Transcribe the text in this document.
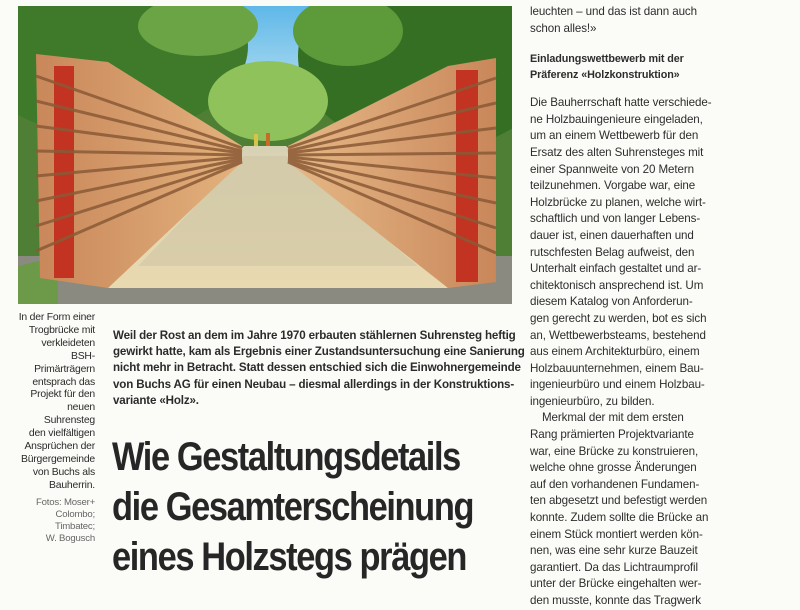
In der Form einer
Trogbrücke mit
verkleideten BSH-
Primärträgern
entsprach das
Projekt für den
neuen Suhrensteg
den vielfältigen
Ansprüchen der
Bürgergemeinde
von Buchs als
Bauherrin.

Fotos: Moser+
Colombo;
Timbatec;
W. Bogusch

Weil der Rost an dem im Jahre 1970 erbauten stählernen Suhrensteg heftig
gewirkt hatte, kam als Ergebnis einer Zustandsuntersuchung eine Sanierung
nicht mehr in Betracht. Statt dessen entschied sich die Einwohnergemeinde
von Buchs AG für einen Neubau – diesmal allerdings in der Konstruktions-
variante «Holz».

Wie Gestaltungsdetails
die Gesamterscheinung
eines Holzstegs prägen

leuchten – und das ist dann auch
schon alles!»

Einladungswettbewerb mit der
Präferenz «Holzkonstruktion»

Die Bauherrschaft hatte verschiede-
ne Holzbauingenieure eingeladen,
um an einem Wettbewerb für den
Ersatz des alten Suhrensteges mit
einer Spannweite von 20 Metern
teilzunehmen. Vorgabe war, eine
Holzbrücke zu planen, welche wirt-
schaftlich und von langer Lebens-
dauer ist, einen dauerhaften und
rutschfesten Belag aufweist, den
Unterhalt einfach gestaltet und ar-
chitektonisch ansprechend ist. Um
diesem Katalog von Anforderun-
gen gerecht zu werden, bot es sich
an, Wettbewerbsteams, bestehend
aus einem Architekturbüro, einem
Holzbauunternehmen, einem Bau-
ingenieurbüro und einem Holzbau-
ingenieurbüro, zu bilden.

Merkmal der mit dem ersten
Rang prämierten Projektvariante
war, eine Brücke zu konstruieren,
welche ohne grosse Änderungen
auf den vorhandenen Fundamen-
ten abgesetzt und befestigt werden
konnte. Zudem sollte die Brücke an
einem Stück montiert werden kön-
nen, was eine sehr kurze Bauzeit
garantiert. Da das Lichtraumprofil
unter der Brücke eingehalten wer-
den musste, konnte das Tragwerk
